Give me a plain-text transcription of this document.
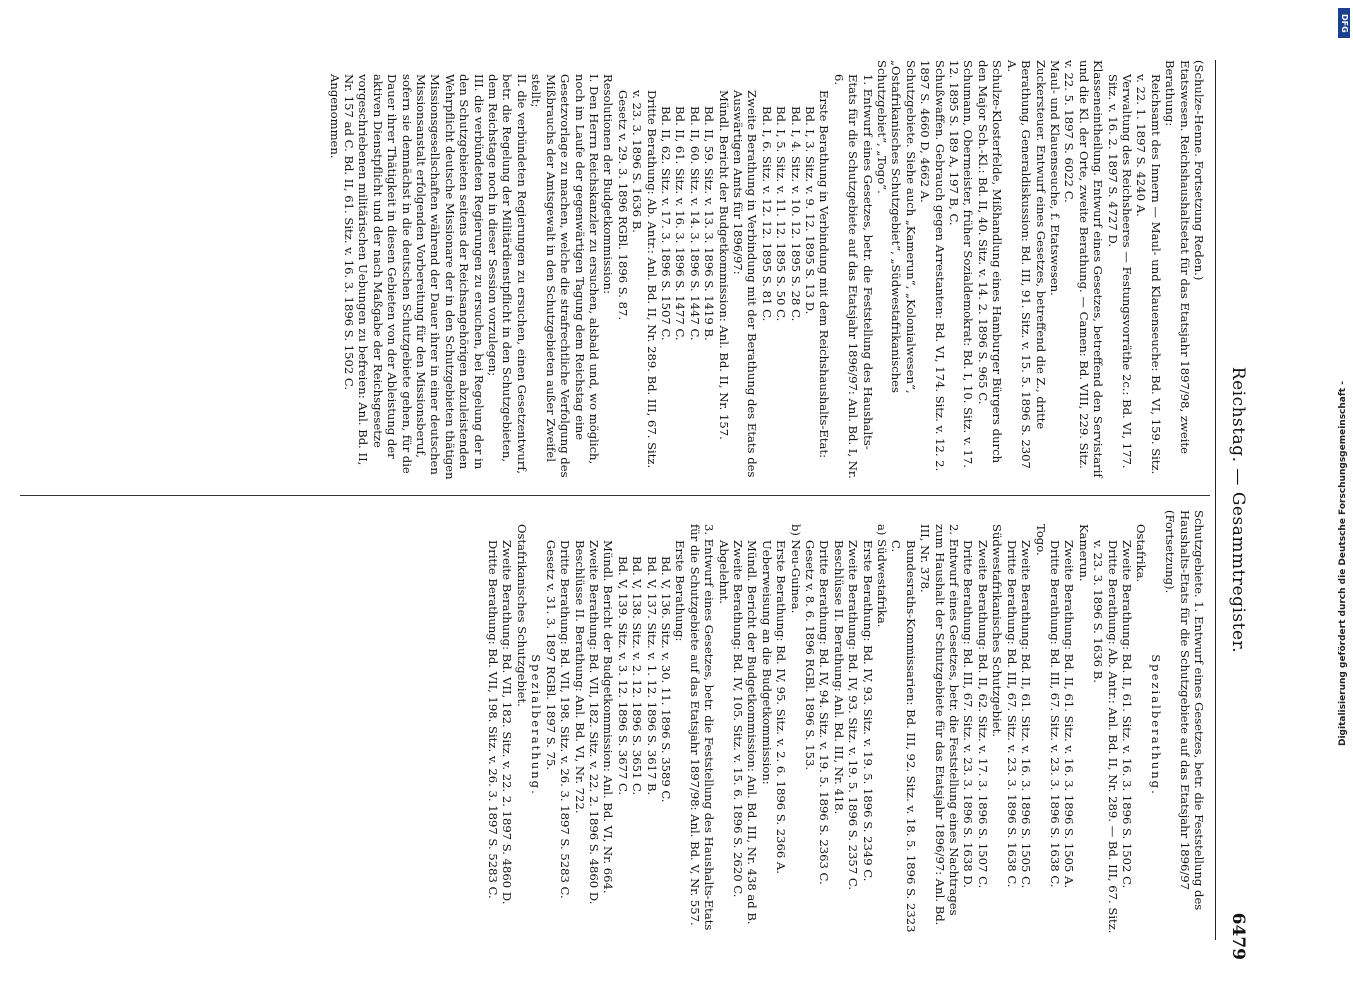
Reichstag. — Gesammtregister.
6479

(Schulze-Henne. Fortsetzung Reden.)

Etatswesen. Reichshaushaltsetat für das Etatsjahr 1897/98, zweite Berathung:

Reichsamt des Innern — Maul- und Klauenseuche: Bd. VI, 159. Sitz. v. 22. 1. 1897 S. 4240 A.

Verwaltung des Reichsheeres — Festungsvorräthe 2c.: Bd. VI, 177. Sitz. v. 16. 2. 1897 S. 4727 D.

Klasseneintheilung. Entwurf eines Gesetzes, betreffend den Servistarif und die Kl. der Orte, zweite Berathung. — Camen: Bd. VIII, 229. Sitz. v. 22. 5. 1897 S. 6022 C.

Maul- und Klauenseuche, f. Etatswesen.

Zuckersteuer. Entwurf eines Gesetzes, betreffend die Z., dritte Berathung, Generaldiskussion: Bd. III, 91. Sitz. v. 15. 5. 1896 S. 2307 A.

Schulze-Klosterfelde, Mißhandlung eines Hamburger Bürgers durch den Major Sch.-Kl.: Bd. II, 40. Sitz. v. 14. 2. 1896 S. 965 C.

Schumann, Obermeister, früher Sozialdemokrat: Bd. I, 10. Sitz. v. 17. 12. 1895 S. 189 A, 197 B, C.

Schußwaffen. Gebrauch gegen Arrestanten: Bd. VI, 174. Sitz. v. 12. 2. 1897 S. 4660 D, 4662 A.

Schutzgebiete. Siehe auch „Kamerun“, „Kolonialwesen“, „Ostafrikanisches Schutzgebiet“, „Südwestafrikanisches Schutzgebiet“, „Togo“.

1. Entwurf eines Gesetzes, betr. die Feststellung des Haushalts-Etats für die Schutzgebiete auf das Etatsjahr 1896/97: Anl. Bd. I, Nr. 6.

Erste Berathung in Verbindung mit dem Reichshaushalts-Etat:

Bd. I, 3. Sitz. v. 9. 12. 1895 S. 13 D.

Bd. I, 4. Sitz. v. 10. 12. 1895 S. 28 C.

Bd. I, 5. Sitz. v. 11. 12. 1895 S. 50 C.

Bd. I, 6. Sitz. v. 12. 12. 1895 S. 81 C.

Zweite Berathung in Verbindung mit der Berathung des Etats des Auswärtigen Amts für 1896/97:

Mündl. Bericht der Budgetkommission: Anl. Bd. II, Nr. 157.

Bd. II, 59. Sitz. v. 13. 3. 1896 S. 1419 B.

Bd. II, 60. Sitz. v. 14. 3. 1896 S. 1447 C.

Bd. II, 61. Sitz. v. 16. 3. 1896 S. 1477 C.

Bd. II, 62. Sitz. v. 17. 3. 1896 S. 1507 C.

Dritte Berathung: Ab. Antr.: Anl. Bd. II, Nr. 289. Bd. III, 67. Sitz. v. 23. 3. 1896 S. 1636 B.

Gesetz v. 29. 3. 1896 RGBl. 1896 S. 87.

Resolutionen der Budgetkommission:

I. Den Herrn Reichskanzler zu ersuchen, alsbald und, wo möglich, noch im Laufe der gegenwärtigen Tagung dem Reichstag eine Gesetzvorlage zu machen, welche die strafrechtliche Verfolgung des Mißbrauchs der Amtsgewalt in den Schutzgebieten außer Zweifel stellt;

II. die verbündeten Regierungen zu ersuchen, einen Gesetzentwurf, betr. die Regelung der Militärdienstpflicht in den Schutzgebieten, dem Reichstage noch in dieser Session vorzulegen;

III. die verbündeten Regierungen zu ersuchen, bei Regelung der in den Schutzgebieten seitens der Reichsangehörigen abzuleistenden Wehrpflicht deutsche Missionare der in den Schutzgebieten thätigen Missionsgesellschaften während der Dauer ihrer in einer deutschen Missionsanstalt erfolgenden Vorbereitung für den Missionsberuf, sofern sie demnächst in die deutschen Schutzgebiete gehen, für die Dauer ihrer Thätigkeit in diesen Gebieten von der Ableistung der aktiven Dienstpflicht und der nach Maßgabe der Reichsgesetze vorgeschriebenen militärischen Uebungen zu befreien: Anl. Bd. II, Nr. 157 ad C. Bd. II, 61. Sitz. v. 16. 3. 1896 S. 1502 C.

Angenommen.

Schutzgebiete. 1. Entwurf eines Gesetzes, betr. die Feststellung des Haushalts-Etats für die Schutzgebiete auf das Etatsjahr 1896/97 (Fortsetzung).

Spezialberathung.

Ostafrika.

Zweite Berathung: Bd. II, 61. Sitz. v. 16. 3. 1896 S. 1502 C.

Dritte Berathung: Ab. Antr.: Anl. Bd. II, Nr. 289. — Bd. III, 67. Sitz. v. 23. 3. 1896 S. 1636 B.

Kamerun.

Zweite Berathung: Bd. II, 61. Sitz. v. 16. 3. 1896 S. 1505 A.

Dritte Berathung: Bd. III, 67. Sitz. v. 23. 3. 1896 S. 1638 C.

Togo.

Zweite Berathung: Bd. II, 61. Sitz. v. 16. 3. 1896 S. 1505 C.

Dritte Berathung: Bd. III, 67. Sitz. v. 23. 3. 1896 S. 1638 C.

Südwestafrikanisches Schutzgebiet.

Zweite Berathung: Bd. II, 62. Sitz. v. 17. 3. 1896 S. 1507 C.

Dritte Berathung: Bd. III, 67. Sitz. v. 23. 3. 1896 S. 1638 D.

2. Entwurf eines Gesetzes, betr. die Feststellung eines Nachtrages zum Haushalt der Schutzgebiete für das Etatsjahr 1896/97: Anl. Bd. III, Nr. 378.

Bundesraths-Kommissarien: Bd. III, 92. Sitz. v. 18. 5. 1896 S. 2323 C.

a) Südwestafrika.

Erste Berathung: Bd. IV, 93. Sitz. v. 19. 5. 1896 S. 2349 C.

Zweite Berathung: Bd. IV, 93. Sitz. v. 19. 5. 1896 S. 2357 C.

Beschlüsse II. Berathung: Anl. Bd. III, Nr. 418.

Dritte Berathung: Bd. IV, 94. Sitz. v. 19. 5. 1896 S. 2363 C.

Gesetz v. 8. 6. 1896 RGBl. 1896 S. 153.

b) Neu-Guinea.

Erste Berathung: Bd. IV, 95. Sitz. v. 2. 6. 1896 S. 2366 A.

Ueberweisung an die Budgetkommission:

Mündl. Bericht der Budgetkommission: Anl. Bd. III, Nr. 438 ad B.

Zweite Berathung: Bd. IV, 105. Sitz. v. 15. 6. 1896 S. 2620 C.

Abgelehnt.

3. Entwurf eines Gesetzes, betr. die Feststellung des Haushalts-Etats für die Schutzgebiete auf das Etatsjahr 1897/98: Anl. Bd. V, Nr. 557.

Erste Berathung:

Bd. V, 136. Sitz. v. 30. 11. 1896 S. 3589 C.

Bd. V, 137. Sitz. v. 1. 12. 1896 S. 3617 B.

Bd. V, 138. Sitz. v. 2. 12. 1896 S. 3651 C.

Bd. V, 139. Sitz. v. 3. 12. 1896 S. 3677 C.

Mündl. Bericht der Budgetkommission: Anl. Bd. VI, Nr. 664.

Zweite Berathung: Bd. VII, 182. Sitz. v. 22. 2. 1896 S. 4860 D.

Beschlüsse II. Berathung: Anl. Bd. VI, Nr. 722.

Dritte Berathung: Bd. VII, 198. Sitz. v. 26. 3. 1897 S. 5283 C.

Gesetz v. 31. 3. 1897 RGBl. 1897 S. 75.

Spezialberathung.

Ostafrikanisches Schutzgebiet.

Zweite Berathung: Bd. VII, 182. Sitz. v. 22. 2. 1897 S. 4860 D.

Dritte Berathung: Bd. VII, 198. Sitz. v. 26. 3. 1897 S. 5283 C.

DFG
Digitalisierung gefördert durch die Deutsche Forschungsgemeinschaft -
